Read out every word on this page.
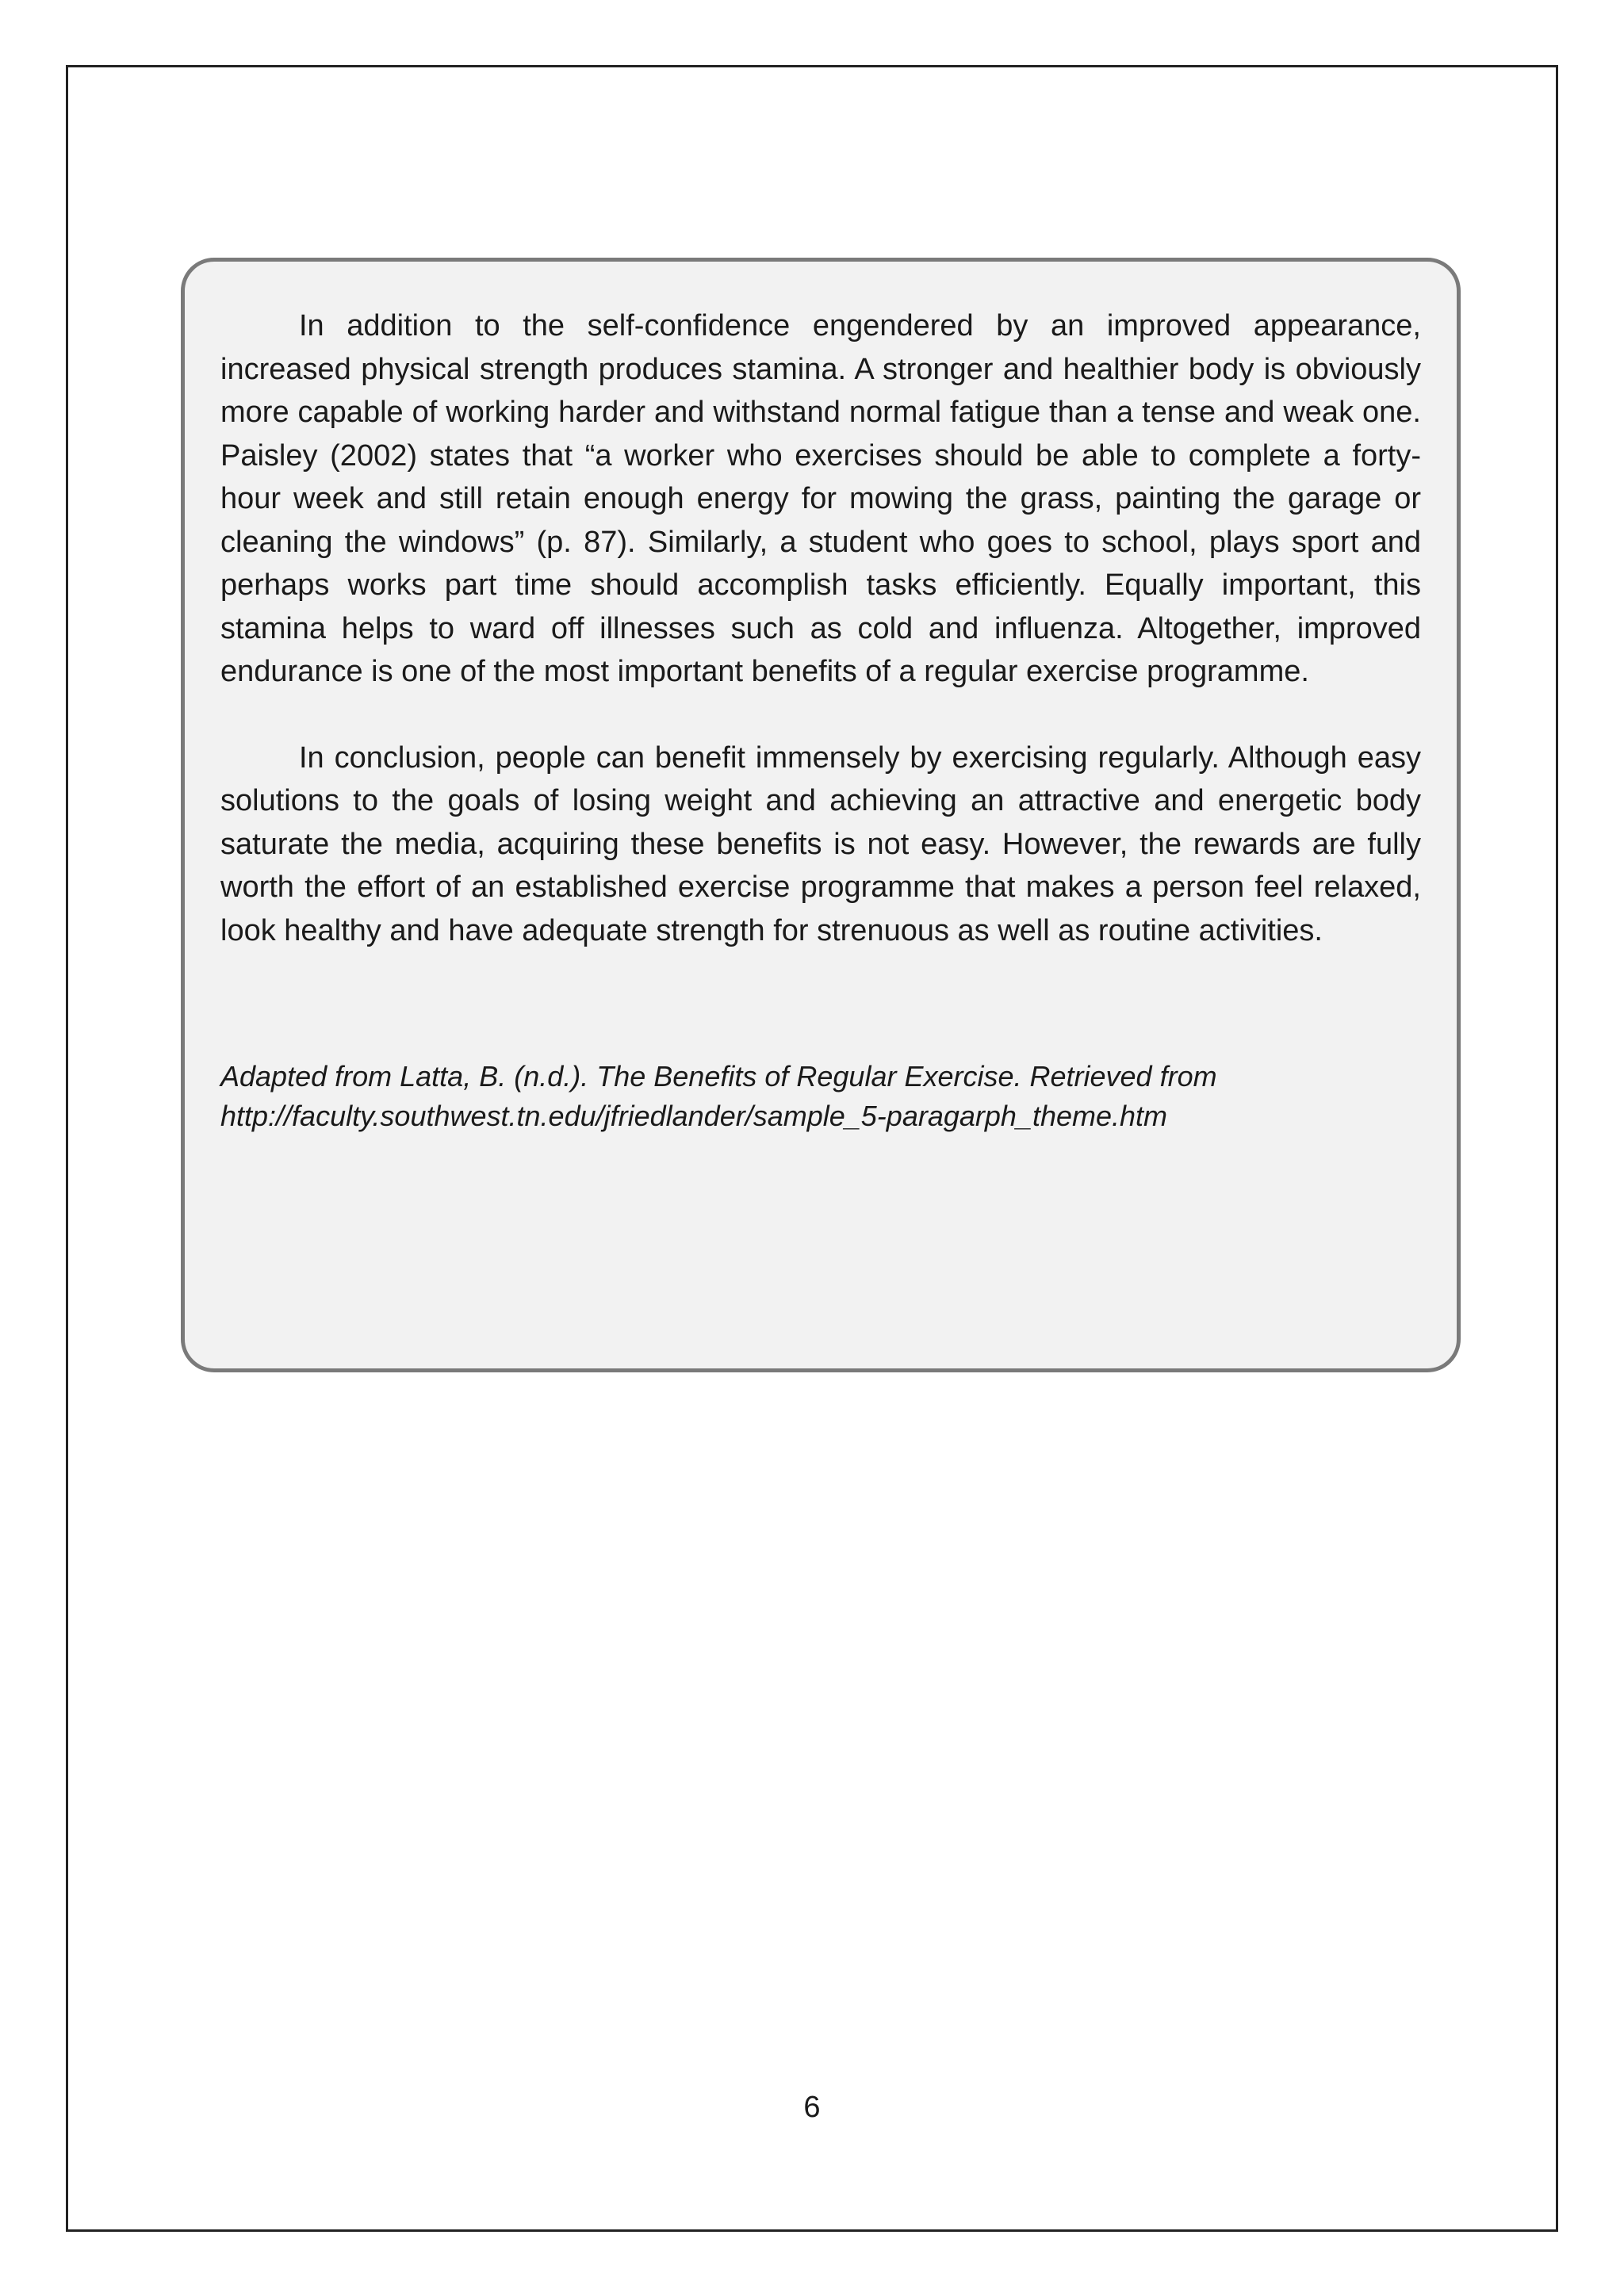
In addition to the self-confidence engendered by an improved appearance, increased physical strength produces stamina. A stronger and healthier body is obviously more capable of working harder and withstand normal fatigue than a tense and weak one. Paisley (2002) states that “a worker who exercises should be able to complete a forty-hour week and still retain enough energy for mowing the grass, painting the garage or cleaning the windows” (p. 87). Similarly, a student who goes to school, plays sport and perhaps works part time should accomplish tasks efficiently. Equally important, this stamina helps to ward off illnesses such as cold and influenza. Altogether, improved endurance is one of the most important benefits of a regular exercise programme.

In conclusion, people can benefit immensely by exercising regularly. Although easy solutions to the goals of losing weight and achieving an attractive and energetic body saturate the media, acquiring these benefits is not easy. However, the rewards are fully worth the effort of an established exercise programme that makes a person feel relaxed, look healthy and have adequate strength for strenuous as well as routine activities.

Adapted from Latta, B. (n.d.). The Benefits of Regular Exercise. Retrieved from
http://faculty.southwest.tn.edu/jfriedlander/sample_5-paragarph_theme.htm
6
